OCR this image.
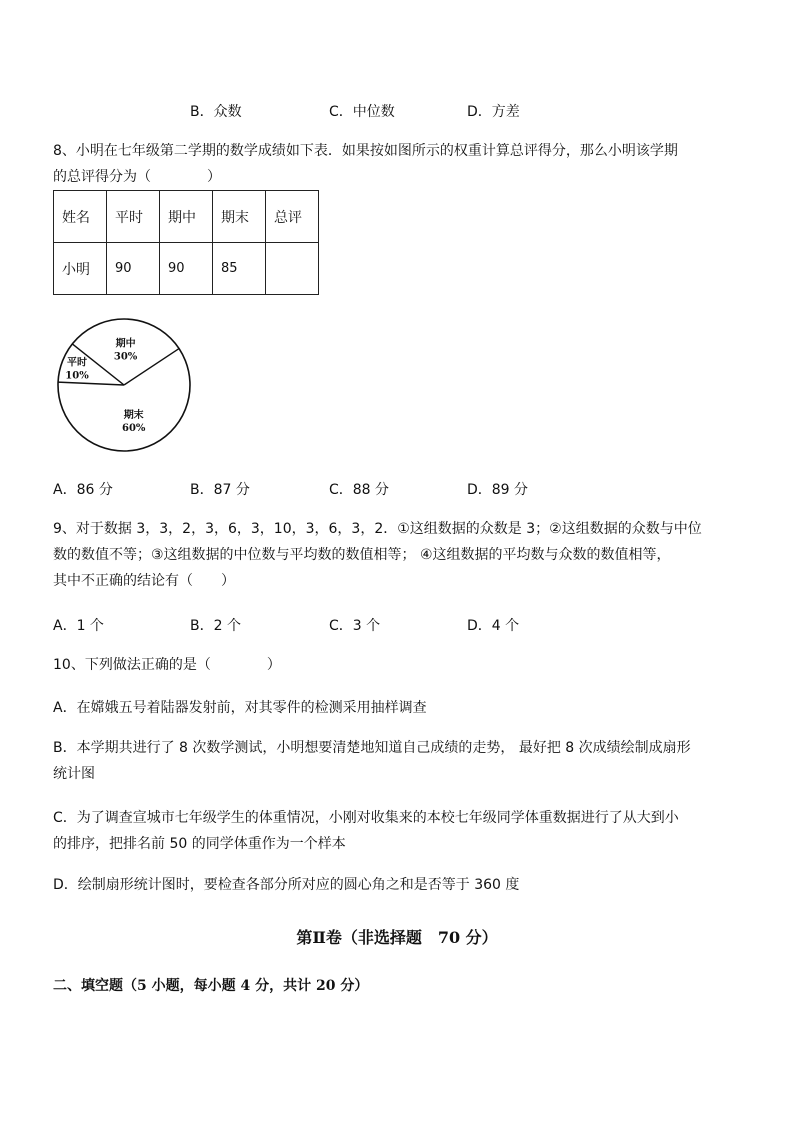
B．众数	C．中位数	D．方差
8、小明在七年级第二学期的数学成绩如下表．如果按如图所示的权重计算总评得分，那么小明该学期
的总评得分为（　　　　）
姓名	平时	期中	期末	总评
小明	90	90	85	
期中
30%
平时
10%
期末
60%
A．86 分	B．87 分	C．88 分	D．89 分
9、对于数据 3，3，2，3，6，3，10，3，6，3，2．①这组数据的众数是 3；②这组数据的众数与中位
数的数值不等；③这组数据的中位数与平均数的数值相等； ④这组数据的平均数与众数的数值相等，
其中不正确的结论有（　　）
A．1 个	B．2 个	C．3 个	D．4 个
10、下列做法正确的是（　　　　）
A．在嫦娥五号着陆器发射前，对其零件的检测采用抽样调查
B．本学期共进行了 8 次数学测试，小明想要清楚地知道自己成绩的走势， 最好把 8 次成绩绘制成扇形
统计图
C．为了调查宣城市七年级学生的体重情况，小刚对收集来的本校七年级同学体重数据进行了从大到小
的排序，把排名前 50 的同学体重作为一个样本
D．绘制扇形统计图时，要检查各部分所对应的圆心角之和是否等于 360 度
第Ⅱ卷（非选择题　70 分）
二、填空题（5 小题，每小题 4 分，共计 20 分）
